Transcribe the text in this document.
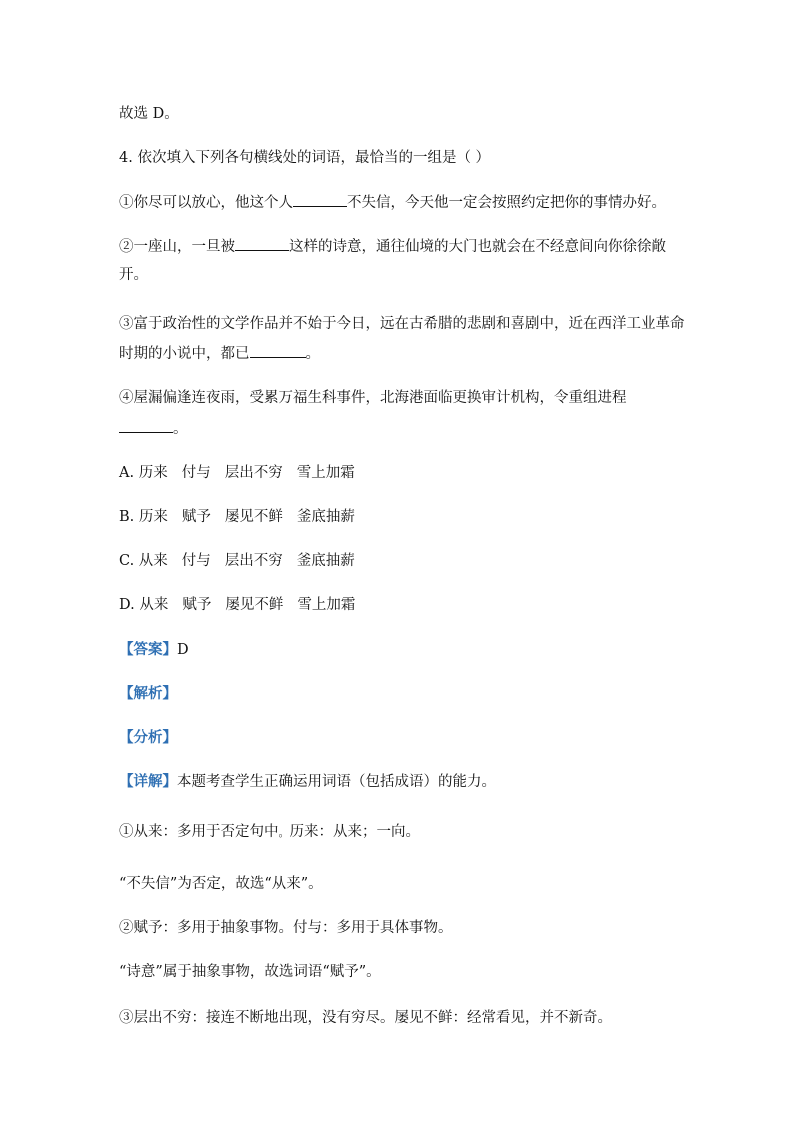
故选 D。
4. 依次填入下列各句横线处的词语，最恰当的一组是（ ）
①你尽可以放心，他这个人	不失信，今天他一定会按照约定把你的事情办好。
②一座山，一旦被	这样的诗意，通往仙境的大门也就会在不经意间向你徐徐敞
开。
③富于政治性的文学作品并不始于今日，远在古希腊的悲剧和喜剧中，近在西洋工业革命
时期的小说中，都已	。
④屋漏偏逢连夜雨，受累万福生科事件，北海港面临更换审计机构，令重组进程
。
A. 历来 付与 层出不穷 雪上加霜
B. 历来 赋予 屡见不鲜 釜底抽薪
C. 从来 付与 层出不穷 釜底抽薪
D. 从来 赋予 屡见不鲜 雪上加霜
【答案】D
【解析】
【分析】
【详解】本题考查学生正确运用词语（包括成语）的能力。
①从来：多用于否定句中。历来：从来；一向。
“不失信”为否定，故选“从来”。
②赋予：多用于抽象事物。付与：多用于具体事物。
“诗意”属于抽象事物，故选词语“赋予”。
③层出不穷：接连不断地出现，没有穷尽。屡见不鲜：经常看见，并不新奇。
